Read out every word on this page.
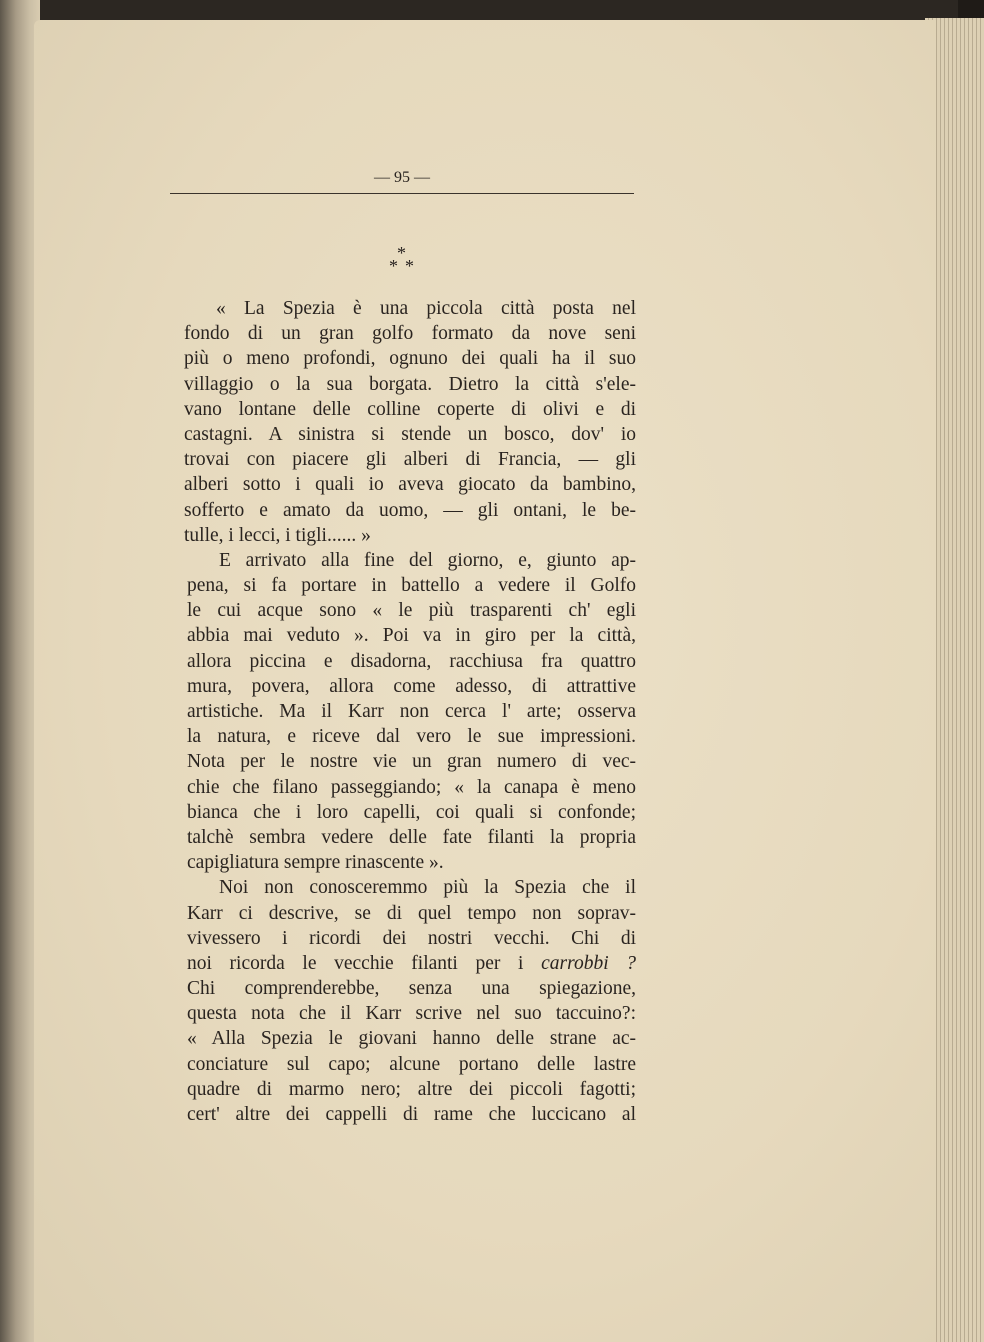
— 95 —
*
* *
« La Spezia è una piccola città posta nel
fondo di un gran golfo formato da nove seni
più o meno profondi, ognuno dei quali ha il suo
villaggio o la sua borgata. Dietro la città s'ele-
vano lontane delle colline coperte di olivi e di
castagni. A sinistra si stende un bosco, dov' io
trovai con piacere gli alberi di Francia, — gli
alberi sotto i quali io aveva giocato da bambino,
sofferto e amato da uomo, — gli ontani, le be-
tulle, i lecci, i tigli...... »
E arrivato alla fine del giorno, e, giunto ap-
pena, si fa portare in battello a vedere il Golfo
le cui acque sono « le più trasparenti ch' egli
abbia mai veduto ». Poi va in giro per la città,
allora piccina e disadorna, racchiusa fra quattro
mura, povera, allora come adesso, di attrattive
artistiche. Ma il Karr non cerca l' arte; osserva
la natura, e riceve dal vero le sue impressioni.
Nota per le nostre vie un gran numero di vec-
chie che filano passeggiando; « la canapa è meno
bianca che i loro capelli, coi quali si confonde;
talchè sembra vedere delle fate filanti la propria
capigliatura sempre rinascente ».
Noi non conosceremmo più la Spezia che il
Karr ci descrive, se di quel tempo non soprav-
vivessero i ricordi dei nostri vecchi. Chi di
noi ricorda le vecchie filanti per i carrobbi ?
Chi comprenderebbe, senza una spiegazione,
questa nota che il Karr scrive nel suo taccuino?:
« Alla Spezia le giovani hanno delle strane ac-
conciature sul capo; alcune portano delle lastre
quadre di marmo nero; altre dei piccoli fagotti;
cert' altre dei cappelli di rame che luccicano al
